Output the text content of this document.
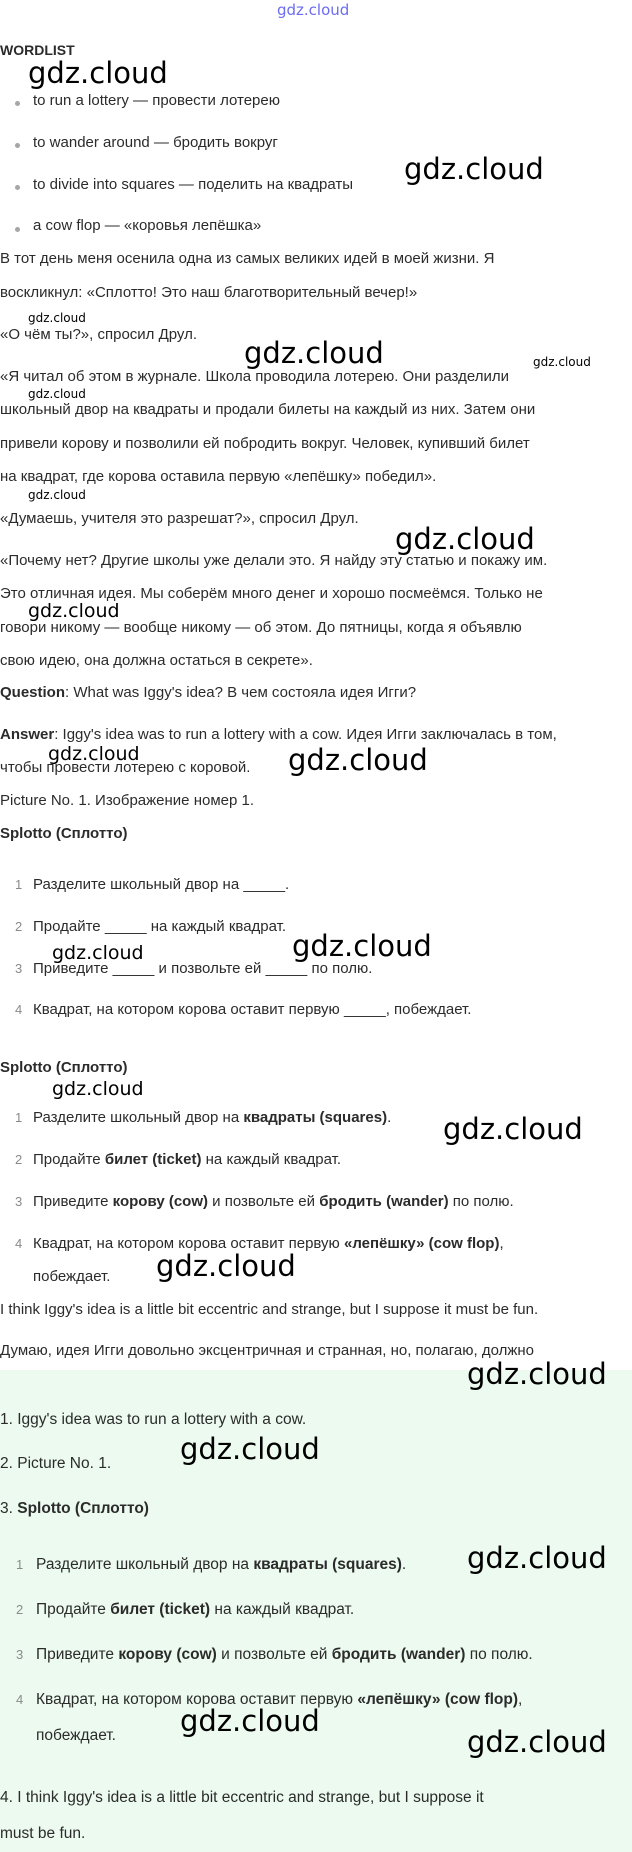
gdz.cloud
WORDLIST
to run a lottery — провести лотерею
to wander around — бродить вокруг
to divide into squares — поделить на квадраты
a cow flop — «коровья лепёшка»
В тот день меня осенила одна из самых великих идей в моей жизни. Я
воскликнул: «Сплотто! Это наш благотворительный вечер!»
«О чём ты?», спросил Друл.
«Я читал об этом в журнале. Школа проводила лотерею. Они разделили
школьный двор на квадраты и продали билеты на каждый из них. Затем они
привели корову и позволили ей побродить вокруг. Человек, купивший билет
на квадрат, где корова оставила первую «лепёшку» победил».
«Думаешь, учителя это разрешат?», спросил Друл.
«Почему нет? Другие школы уже делали это. Я найду эту статью и покажу им.
Это отличная идея. Мы соберём много денег и хорошо посмеёмся. Только не
говори никому — вообще никому — об этом. До пятницы, когда я объявлю
свою идею, она должна остаться в секрете».
Question: What was Iggy's idea? В чем состояла идея Игги?
Answer: Iggy's idea was to run a lottery with a cow. Идея Игги заключалась в том,
чтобы провести лотерею с коровой.
Picture No. 1. Изображение номер 1.
Splotto (Сплотто)
1 Разделите школьный двор на _____.
2 Продайте _____ на каждый квадрат.
3 Приведите _____ и позвольте ей _____ по полю.
4 Квадрат, на котором корова оставит первую _____, побеждает.
Splotto (Сплотто)
1 Разделите школьный двор на квадраты (squares).
2 Продайте билет (ticket) на каждый квадрат.
3 Приведите корову (cow) и позвольте ей бродить (wander) по полю.
4 Квадрат, на котором корова оставит первую «лепёшку» (cow flop),
побеждает.
I think Iggy's idea is a little bit eccentric and strange, but I suppose it must be fun.
Думаю, идея Игги довольно эксцентричная и странная, но, полагаю, должно
1. Iggy's idea was to run a lottery with a cow.
2. Picture No. 1.
3. Splotto (Сплотто)
1 Разделите школьный двор на квадраты (squares).
2 Продайте билет (ticket) на каждый квадрат.
3 Приведите корову (cow) и позвольте ей бродить (wander) по полю.
4 Квадрат, на котором корова оставит первую «лепёшку» (cow flop),
побеждает.
4. I think Iggy's idea is a little bit eccentric and strange, but I suppose it
must be fun.
gdz.cloud
gdz.cloud
gdz.cloud
gdz.cloud	gdz.cloud
gdz.cloud
gdz.cloud
gdz.cloud
gdz.cloud
gdz.cloud	gdz.cloud
gdz.cloud
gdz.cloud
gdz.cloud
gdz.cloud
gdz.cloud
gdz.cloud
gdz.cloud
gdz.cloud
gdz.cloud
gdz.cloud
